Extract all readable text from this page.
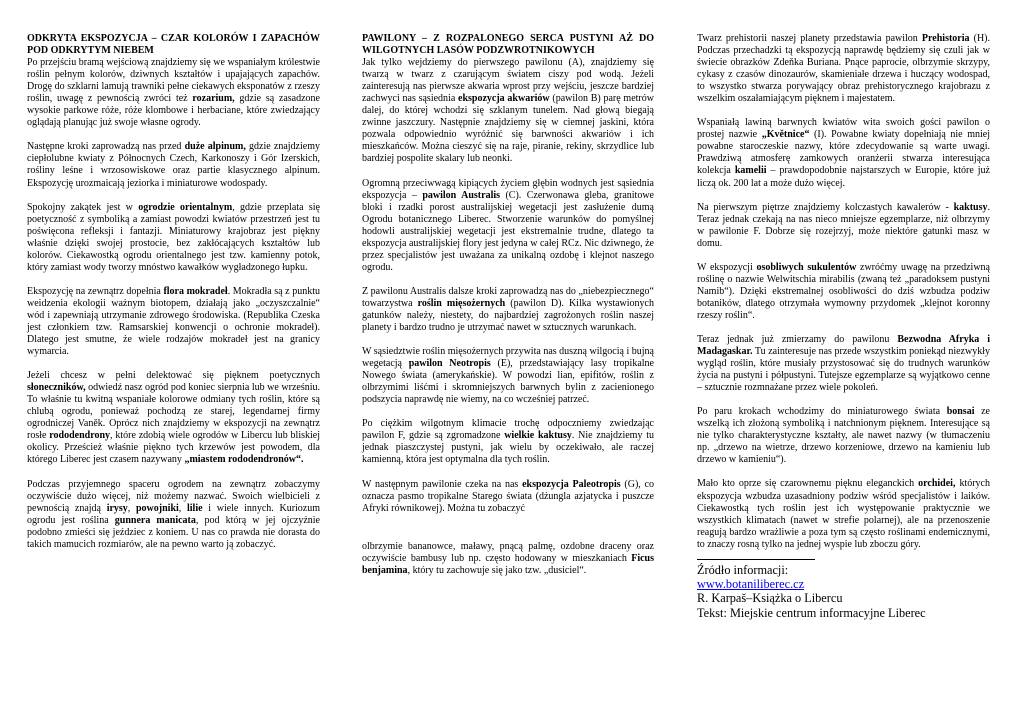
ODKRYTA EKSPOZYCJA – CZAR KOLORÓW I ZAPACHÓW POD ODKRYTYM NIEBEM

Po przejściu bramą wejściową znajdziemy się we wspaniałym królestwie roślin pełnym kolorów, dziwnych kształtów i upajających zapachów. Drogę do szklarni lamują trawniki pełne ciekawych eksponatów z rzeszy roślin, uwagę z pewnością zwróci też rozarium, gdzie są zasadzone wysokie parkowe róże, róże klombowe i herbaciane, które zwiedzający oglądają planując już swoje własne ogrody.

Następne kroki zaprowadzą nas przed duże alpinum, gdzie znajdziemy ciepłolubne kwiaty z Północnych Czech, Karkonoszy i Gór Izerskich, rośliny leśne i wrzosowiskowe oraz partie klasycznego alpinum. Ekspozycję urozmaicają jeziorka i miniaturowe wodospady.

Spokojny zakątek jest w ogrodzie orientalnym, gdzie przeplata się poetyczność z symboliką a zamiast powodzi kwiatów przestrzeń jest tu poświęcona refleksji i fantazji. Miniaturowy krajobraz jest piękny właśnie dzięki swojej prostocie, bez zakłócających kształtów lub kolorów. Ciekawostką ogrodu orientalnego jest tzw. kamienny potok, który zamiast wody tworzy mnóstwo kawałków wygładzonego łupku.

Ekspozycję na zewnątrz dopełnia flora mokradeł. Mokradła są z punktu weidzenia ekologii ważnym biotopem, działają jako „oczyszczalnie“ wód i zapewniają utrzymanie zdrowego środowiska. (Republika Czeska jest członkiem tzw. Ramsarskiej konwencji o ochronie mokradeł). Dlatego jest smutne, że wiele rodzajów mokradeł jest na granicy wymarcia.

Jeżeli chcesz w pełni delektować się pięknem poetycznych słoneczników, odwiedź nasz ogród pod koniec sierpnia lub we wrześniu. To właśnie tu kwitną wspaniałe kolorowe odmiany tych roślin, które są chlubą ogrodu, ponieważ pochodzą ze starej, legendarnej firmy ogrodniczej Vaněk. Oprócz nich znajdziemy w ekspozycji na zewnątrz rosłe rododendrony, które zdobią wiele ogrodów w Libercu lub bliskiej okolicy. Prześcież właśnie piękno tych krzewów jest powodem, dla którego Liberec jest czasem nazywany „miastem rododendronów“.

Podczas przyjemnego spaceru ogrodem na zewnątrz zobaczymy oczywiście dużo więcej, niż możemy nazwać. Swoich wielbicieli z pewnością znajdą irysy, powojniki, lilie i wiele innych. Kuriozum ogrodu jest roślina gunnera manicata, pod którą w jej ojczyźnie podobno zmieści się jeździec z koniem. U nas co prawda nie dorasta do takich mamucich rozmiarów, ale na pewno warto ją zobaczyć.

PAWILONY – Z ROZPALONEGO SERCA PUSTYNI AŻ DO WILGOTNYCH LASÓW PODZWROTNIKOWYCH

Jak tylko wejdziemy do pierwszego pawilonu (A), znajdziemy się twarzą w twarz z czarującym światem ciszy pod wodą. Jeżeli zainteresują nas pierwsze akwaria wprost przy wejściu, jeszcze bardziej zachwyci nas sąsiednia ekspozycja akwariów (pawilon B) parę metrów dalej, do której wchodzi się szklanym tunelem. Nad głową biegają zwinne jaszczury. Następnie znajdziemy się w ciemnej jaskini, która pozwala odpowiednio wyróżnić się barwności akwariów i ich mieszkańców. Można cieszyć się na raje, piranie, rekiny, skrzydlice lub bardziej pospolite skalary lub neonki.

Ogromną przeciwwagą kipiących życiem głębin wodnych jest sąsiednia ekspozycja – pawilon Australis (C). Czerwonawa gleba, granitowe bloki i rzadki porost australijskiej wegetacji jest zasłużenie dumą Ogrodu botanicznego Liberec. Stworzenie warunków do pomyślnej hodowli australijskiej wegetacji jest ekstremalnie trudne, dlatego ta ekspozycja australijskiej flory jest jedyna w całej RCz. Nic dziwnego, że przez specjalistów jest uważana za unikalną ozdobę i klejnot naszego ogrodu.

Z pawilonu Australis dalsze kroki zaprowadzą nas do „niebezpiecznego“ towarzystwa roślin mięsożernych (pawilon D). Kilka wystawionych gatunków należy, niestety, do najbardziej zagrożonych roślin naszej planety i bardzo trudno je utrzymać nawet w sztucznych warunkach.

W sąsiedztwie roślin mięsożernych przywita nas duszną wilgocią i bujną wegetacją pawilon Neotropis (E), przedstawiający lasy tropikalne Nowego świata (amerykańskie). W powodzi lian, epifitów, roślin z olbrzymimi liśćmi i skromniejszych barwnych bylin z zacienionego podszycia naprawdę nie wiemy, na co wcześniej patrzeć.

Po ciężkim wilgotnym klimacie trochę odpoczniemy zwiedzając pawilon F, gdzie są zgromadzone wielkie kaktusy. Nie znajdziemy tu jednak piaszczystej pustyni, jak wielu by oczekiwało, ale raczej kamienną, która jest optymalna dla tych roślin.

W następnym pawilonie czeka na nas ekspozycja Paleotropis (G), co oznacza pasmo tropikalne Starego świata (dżungla azjatycka i puszcze Afryki równikowej). Można tu zobaczyć

olbrzymie bananowce, maławy, pnącą palmę, ozdobne draceny oraz oczywiście bambusy lub np. często hodowany w mieszkaniach Ficus benjamina, który tu zachowuje się jako tzw. „dusiciel“.

Twarz prehistorii naszej planety przedstawia pawilon Prehistoria (H). Podczas przechadzki tą ekspozycją naprawdę będziemy się czuli jak w świecie obrazków Zdeňka Buriana. Pnące paprocie, olbrzymie skrzypy, cykasy z czasów dinozaurów, skamieniałe drzewa i huczący wodospad, to wszystko stwarza porywający obraz prehistorycznego krajobrazu z wszelkim oszałamiającym pięknem i majestatem.

Wspaniałą lawiną barwnych kwiatów wita swoich gości pawilon o prostej nazwie „Květnice“ (I). Powabne kwiaty dopełniają nie mniej powabne staroczeskie nazwy, które zdecydowanie są warte uwagi. Prawdziwą atmosferę zamkowych oranżerii stwarza interesująca kolekcja kamelii – prawdopodobnie najstarszych w Europie, które już liczą ok. 200 lat a może dużo więcej.

Na pierwszym piętrze znajdziemy kolczastych kawalerów - kaktusy. Teraz jednak czekają na nas nieco mniejsze egzemplarze, niż olbrzymy w pawilonie F. Dobrze się rozejrzyj, może niektóre gatunki masz w domu.

W ekspozycji osobliwych sukulentów zwróćmy uwagę na przedziwną roślinę o nazwie Welwitschia mirabilis (zwaną też „paradoksem pustyni Namib“). Dzięki ekstremalnej osobliwości do dziś wzbudza podziw botaników, dlatego otrzymała wymowny przydomek „klejnot koronny rzeszy roślin“.

Teraz jednak już zmierzamy do pawilonu Bezwodna Afryka i Madagaskar. Tu zainteresuje nas przede wszystkim poniekąd niezwykły wygląd roślin, które musiały przystosować się do trudnych warunków życia na pustyni i półpustyni. Tutejsze egzemplarze są wyjątkowo cenne – sztucznie rozmnażane przez wiele pokoleń.

Po paru krokach wchodzimy do miniaturowego świata bonsai ze wszelką ich złożoną symboliką i natchnionym pięknem. Interesujące są nie tylko charakterystyczne kształty, ale nawet nazwy (w tłumaczeniu np. „drzewo na wietrze, drzewo korzeniowe, drzewo na kamieniu lub drzewo w kamieniu“).

Mało kto oprze się czarownemu pięknu eleganckich orchidei, których ekspozycja wzbudza uzasadniony podziw wśród specjalistów i laików. Ciekawostką tych roślin jest ich występowanie praktycznie we wszystkich klimatach (nawet w strefie polarnej), ale na przenoszenie reagują bardzo wrażliwie a poza tym są często roślinami endemicznymi, to znaczy rosną tylko na jednej wyspie lub zboczu góry.

Źródło informacji:
www.botaniliberec.cz
R. Karpaš–Książka o Libercu
Tekst: Miejskie centrum informacyjne Liberec
